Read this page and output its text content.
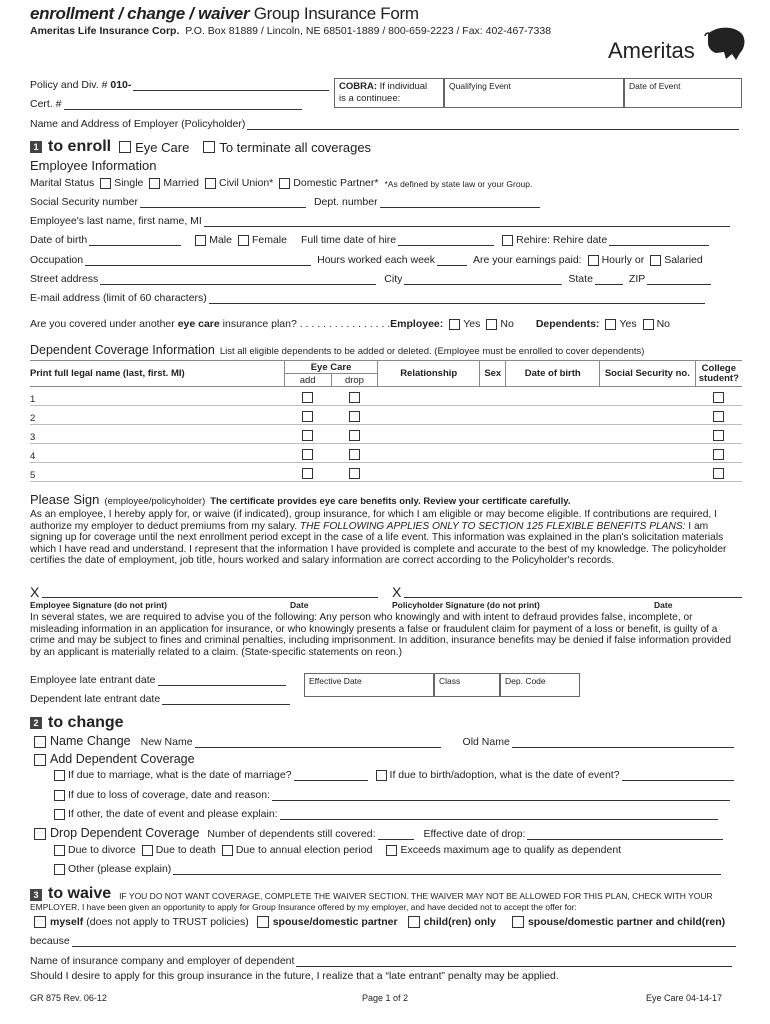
enrollment / change / waiver Group Insurance Form
Ameritas Life Insurance Corp. P.O. Box 81889 / Lincoln, NE 68501-1889 / 800-659-2223 / Fax: 402-467-7338
Ameritas
Policy and Div. #
010-
Cert. #
COBRA: If individual
is a continuee:
Qualifying Event	Date of Event
Name and Address of Employer (Policyholder)
1 to enroll Eye Care To terminate all coverages
Employee Information
Marital Status Single Married Civil Union* Domestic Partner* *As defined by state law or your Group.
Social Security number	Dept. number
Employee's last name, first name, MI
Date of birth	Male Female Full time date of hire	Rehire: Rehire date
Occupation	Hours worked each week	Are your earnings paid: Hourly or Salaried
Street address	City	State	ZIP
E-mail address (limit of 60 characters)
Are you covered under another
eye care
insurance plan? . . . . . . . . . . . . . . . . Employee: Yes No Dependents: Yes No
Dependent Coverage Information List all eligible dependents to be added or deleted. (Employee must be enrolled to cover dependents)
Print full legal name (last, first. MI)	Eye Care		Relationship	Sex	Date of birth	Social Security no.	College
student?
	add	drop					
1							
2							
3							
4							
5							
Please Sign (employee/policyholder) The certificate provides eye care benefits only. Review your certificate carefully.
As an employee, I hereby apply for, or waive (if indicated), group insurance, for which I am eligible or may become eligible. If contributions are required, I authorize my employer to deduct premiums from my salary. THE FOLLOWING APPLIES ONLY TO SECTION 125 FLEXIBLE BENEFITS PLANS: I am signing up for coverage until the next enrollment period except in the case of a life event. This information was explained in the plan's solicitation materials which I have read and understand. I represent that the information I have provided is complete and accurate to the best of my knowledge. The policyholder certifies the date of employment, job title, hours worked and salary information are correct according to the Policyholder's records.
X	X
Employee Signature (do not print)	Date	Policyholder Signature (do not print)	Date
In several states, we are required to advise you of the following: Any person who knowingly and with intent to defraud provides false, incomplete, or misleading information in an application for insurance, or who knowingly presents a false or fraudulent claim for payment of a loss or benefit, is guilty of a crime and may be subject to fines and criminal penalties, including imprisonment. In addition, insurance benefits may be denied if false information provided by an applicant is materially related to a claim. (State-specific statements on reon.)
Employee late entrant date
Dependent late entrant date
Effective Date	Class	Dep. Code
2 to change
Name Change New Name	Old Name
Add Dependent Coverage
If due to marriage, what is the date of marriage?	If due to birth/adoption, what is the date of event?
If due to loss of coverage, date and reason:
If other, the date of event and please explain:
Drop Dependent Coverage Number of dependents still covered:	Effective date of drop:
Due to divorce Due to death Due to annual election period	Exceeds maximum age to qualify as dependent
Other (please explain)
3 to waive IF YOU DO NOT WANT COVERAGE, COMPLETE THE WAIVER SECTION. THE WAIVER MAY NOT BE ALLOWED FOR THIS PLAN, CHECK WITH YOUR
EMPLOYER. I have been given an opportunity to apply for Group Insurance offered by my employer, and have decided not to accept the offer for:
myself (does not apply to TRUST policies) spouse/domestic partner child(ren) only	spouse/domestic partner and child(ren)
because
Name of insurance company and employer of dependent
Should I desire to apply for this group insurance in the future, I realize that a “late entrant” penalty may be applied.
GR 875 Rev. 06-12	Page 1 of 2	Eye Care 04-14-17
